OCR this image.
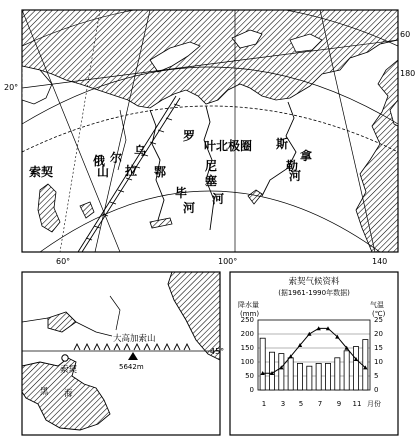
俄
乌
拉
尔
山
罗
斯
鄂
毕
河
叶
尼
塞
河
勒
拿
河
北极圈
索契
20°
60
180
60°	100°	140
45°
5642m
大高加索山
索契
黑 海
索契气候资料
(据1961-1990年数据)
降水量
(mm)
气温
(℃)
250
200
150
100
50
0
25
20
15
10
5
0
1 3 5 7 9 11 月份
